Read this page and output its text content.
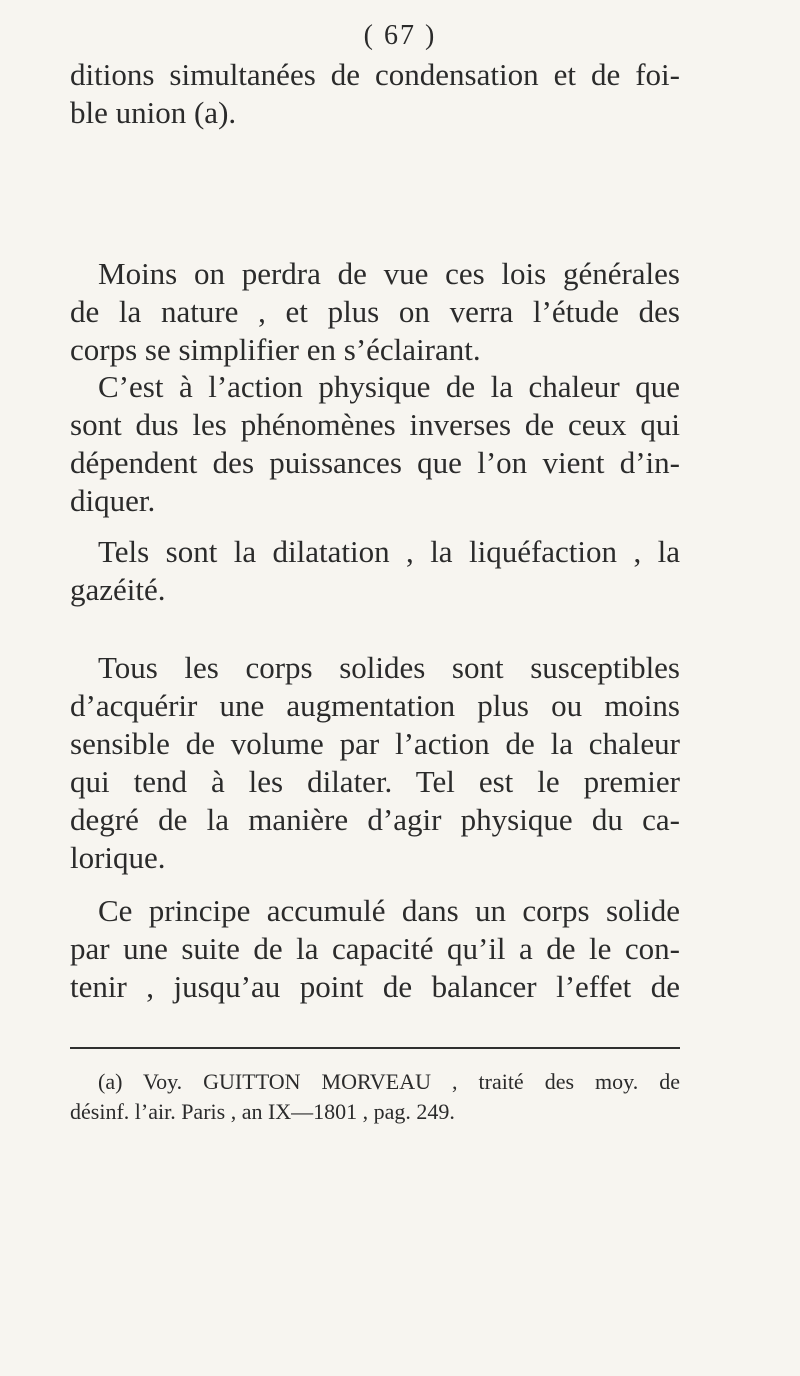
( 67 )
ditions simultanées de condensation et de foi-
ble union (a).
Moins on perdra de vue ces lois générales
de la nature , et plus on verra l’étude des
corps se simplifier en s’éclairant.
C’est à l’action physique de la chaleur que
sont dus les phénomènes inverses de ceux qui
dépendent des puissances que l’on vient d’in-
diquer.
Tels sont la dilatation , la liquéfaction , la
gazéité.
Tous les corps solides sont susceptibles
d’acquérir une augmentation plus ou moins
sensible de volume par l’action de la chaleur
qui tend à les dilater. Tel est le premier
degré de la manière d’agir physique du ca-
lorique.
Ce principe accumulé dans un corps solide
par une suite de la capacité qu’il a de le con-
tenir , jusqu’au point de balancer l’effet de
(a) Voy. GUITTON MORVEAU , traité des moy. de
désinf. l’air. Paris , an IX—1801 , pag. 249.
